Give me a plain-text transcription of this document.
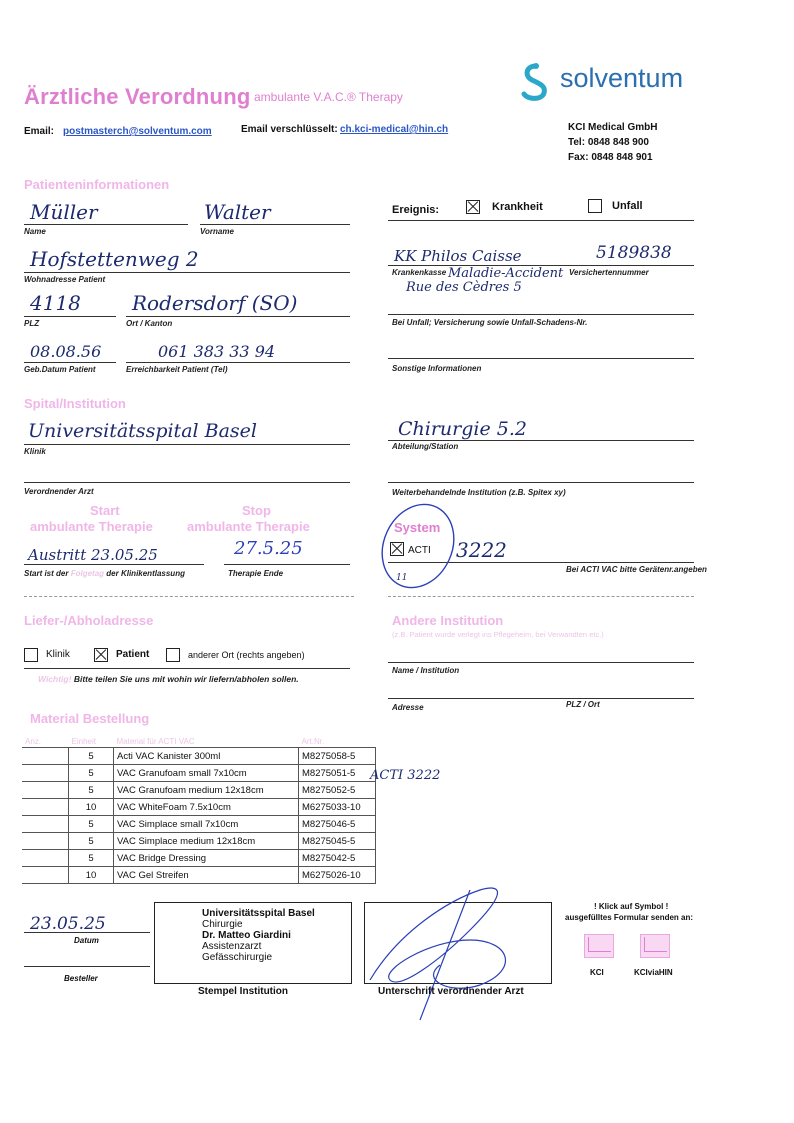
Ärztliche Verordnung ambulante V.A.C.® Therapy
solventum
Email: postmasterch@solventum.com	Email verschlüsselt: ch.kci-medical@hin.ch	KCI Medical GmbH
Tel: 0848 848 900
Fax: 0848 848 901
Patienteninformationen
Müller
Name
Walter
Vorname
Hofstettenweg 2
Wohnadresse Patient
4118
PLZ
Rodersdorf (SO)
Ort / Kanton
08.08.56
Geb.Datum Patient
061 383 33 94
Erreichbarkeit Patient (Tel)
Ereignis:	Krankheit	Unfall
KK Philos Caisse	5189838
Krankenkasse	Versichertennummer
Maladie-Accident
Rue des Cèdres 5
Bei Unfall; Versicherung sowie Unfall-Schadens-Nr.
Sonstige Informationen
Spital/Institution
Universitätsspital Basel
Klinik
Chirurgie 5.2
Abteilung/Station
Verordnender Arzt	Weiterbehandelnde Institution (z.B. Spitex xy)
Start
ambulante Therapie
Stop
ambulante Therapie
Austritt 23.05.25	27.5.25
Start ist der Folgetag der Klinikentlassung	Therapie Ende
System
ACTI 3222
11
Bei ACTI VAC bitte Gerätenr.angeben
Liefer-/Abholadresse
Klinik	Patient	anderer Ort (rechts angeben)
Wichtig! Bitte teilen Sie uns mit wohin wir liefern/abholen sollen.
Andere Institution
(z.B. Patient wurde verlegt ins Pflegeheim, bei Verwandten etc.)
Name / Institution
Adresse	PLZ / Ort
Material Bestellung
Anz.	Einheit	Material für ACTI VAC	Art.Nr.
	5	Acti VAC Kanister 300ml	M8275058-5
	5	VAC Granufoam small 7x10cm	M8275051-5
	5	VAC Granufoam medium 12x18cm	M8275052-5
	10	VAC WhiteFoam 7.5x10cm	M6275033-10
	5	VAC Simplace small 7x10cm	M8275046-5
	5	VAC Simplace medium 12x18cm	M8275045-5
	5	VAC Bridge Dressing	M8275042-5
	10	VAC Gel Streifen	M6275026-10
ACTI 3222
23.05.25
Datum
Besteller
Universitätsspital Basel
Chirurgie
Dr. Matteo Giardini
Assistenzarzt
Gefässchirurgie
Stempel Institution	Unterschrift verordnender Arzt
! Klick auf Symbol !
ausgefülltes Formular senden an:
KCI	KCIviaHIN
